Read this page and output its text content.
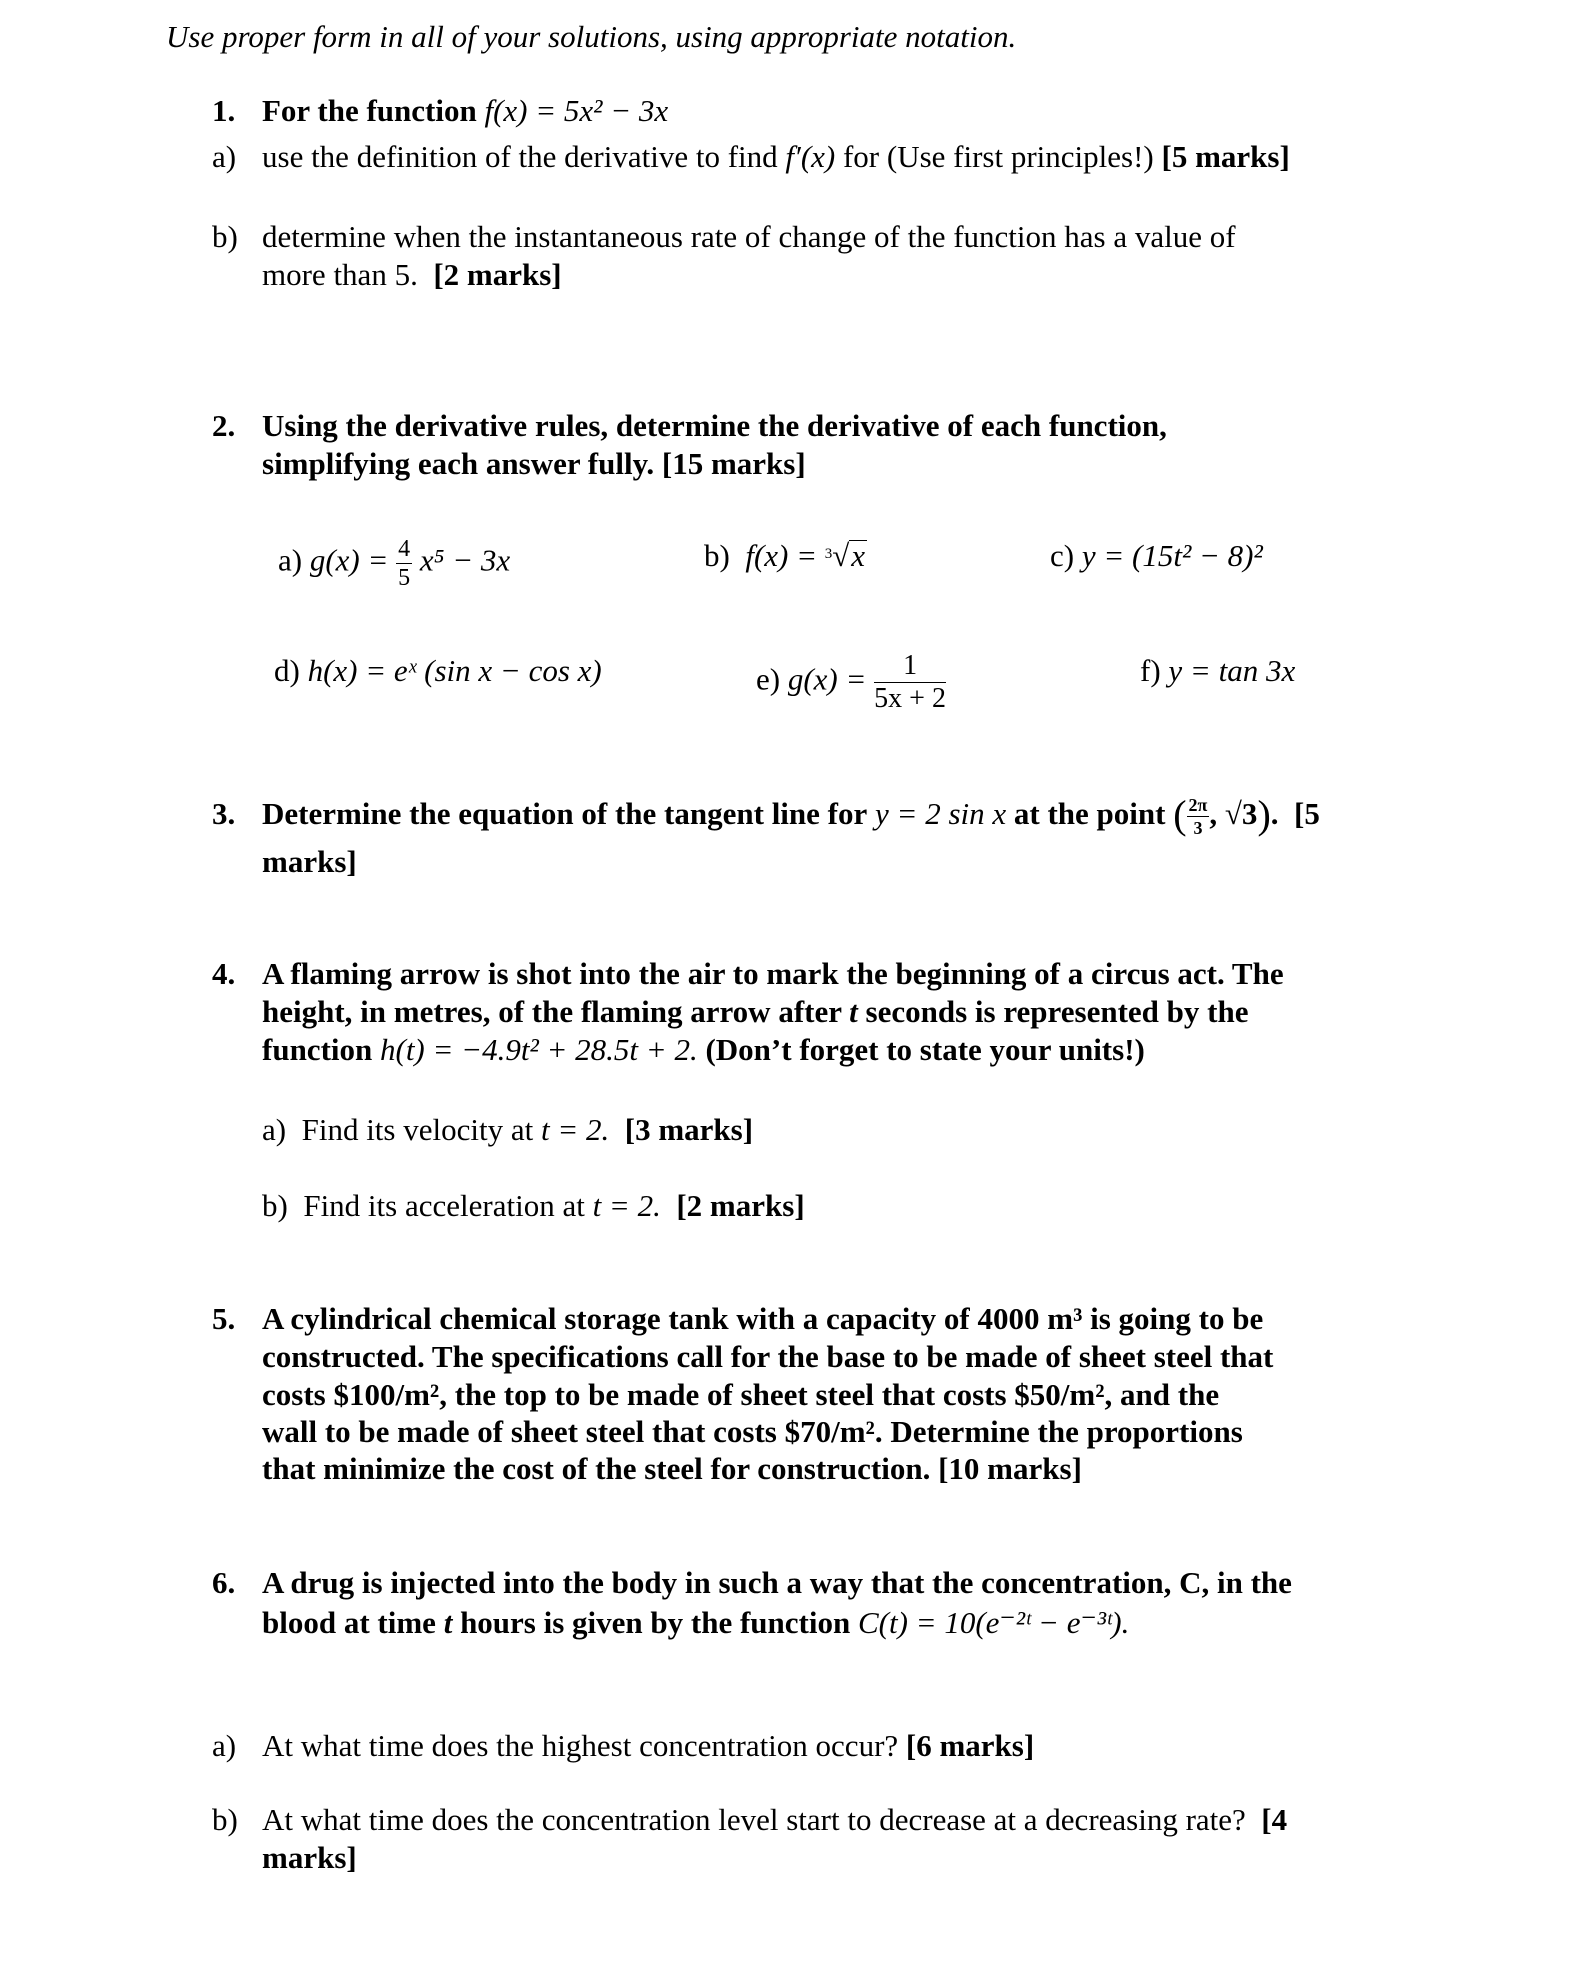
Use proper form in all of your solutions, using appropriate notation.
1. For the function f(x) = 5x² − 3x
a) use the definition of the derivative to find f′(x) for (Use first principles!) [5 marks]
b) determine when the instantaneous rate of change of the function has a value of
more than 5. [2 marks]
2. Using the derivative rules, determine the derivative of each function,
simplifying each answer fully. [15 marks]
a) $g(x) = \frac{4}{5} x^5 - 3x$	b) f(x) = $^3$√x	c) y = (15t² − 8)²
d) h(x) = eˣ (sin x − cos x)	e) $g(x) = \frac{1}{5x + 2}$	f) y = tan 3x
3. Determine the equation of the tangent line for y = 2 sin x at the point ( $\frac{2\pi}{3}$ , √3). [5
marks]
4. A flaming arrow is shot into the air to mark the beginning of a circus act. The
height, in metres, of the flaming arrow after t seconds is represented by the
function h(t) = −4.9t² + 28.5t + 2. (Don’t forget to state your units!)
a) Find its velocity at t = 2. [3 marks]
b) Find its acceleration at t = 2. [2 marks]
5. A cylindrical chemical storage tank with a capacity of 4000 m³ is going to be
constructed. The specifications call for the base to be made of sheet steel that
costs $100/m², the top to be made of sheet steel that costs $50/m², and the
wall to be made of sheet steel that costs $70/m². Determine the proportions
that minimize the cost of the steel for construction. [10 marks]
6. A drug is injected into the body in such a way that the concentration, C, in the
blood at time t hours is given by the function C(t) = 10(e⁻²ᵗ − e⁻³ᵗ).
a) At what time does the highest concentration occur? [6 marks]
b) At what time does the concentration level start to decrease at a decreasing rate? [4
marks]
